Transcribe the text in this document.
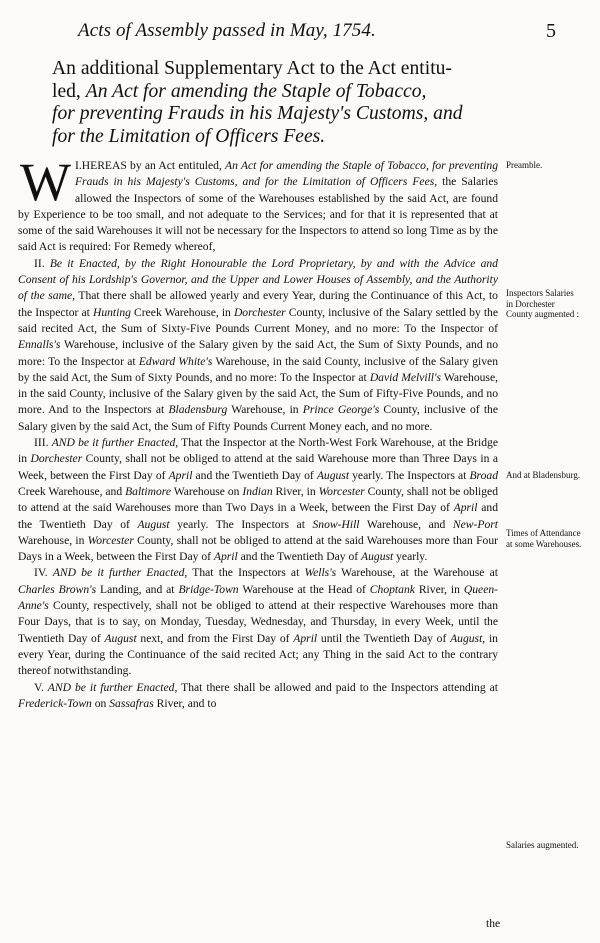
Acts of Assembly passed in May, 1754.	5
An additional Supplementary Act to the Act entitu-
led, An Act for amending the Staple of Tobacco,
for preventing Frauds in his Majesty's Customs, and
for the Limitation of Officers Fees.

I.
W HEREAS by an Act entituled, An Act for amending the Staple of Tobacco, for preventing Frauds in his Majesty's Customs, and for the Limitation of Officers Fees, the Salaries allowed the Inspectors of some of the Warehouses established by the said Act, are found by Experience to be too small, and not adequate to the Services; and for that it is represented that at some of the said Warehouses it will not be necessary for the Inspectors to attend so long Time as by the said Act is required: For Remedy whereof,

II. Be it Enacted, by the Right Honourable the Lord Proprietary, by and with the Advice and Consent of his Lordship's Governor, and the Upper and Lower Houses of Assembly, and the Authority of the same, That there shall be allowed yearly and every Year, during the Continuance of this Act, to the Inspector at Hunting Creek Warehouse, in Dorchester County, inclusive of the Salary settled by the said recited Act, the Sum of Sixty-Five Pounds Current Money, and no more: To the Inspector of Ennalls's Warehouse, inclusive of the Salary given by the said Act, the Sum of Sixty Pounds, and no more: To the Inspector at Edward White's Warehouse, in the said County, inclusive of the Salary given by the said Act, the Sum of Sixty Pounds, and no more: To the Inspector at David Melvill's Warehouse, in the said County, inclusive of the Salary given by the said Act, the Sum of Fifty-Five Pounds, and no more. And to the Inspectors at Bladensburg Warehouse, in Prince George's County, inclusive of the Salary given by the said Act, the Sum of Fifty Pounds Current Money each, and no more.

III. AND be it further Enacted, That the Inspector at the North-West Fork Warehouse, at the Bridge in Dorchester County, shall not be obliged to attend at the said Warehouse more than Three Days in a Week, between the First Day of April and the Twentieth Day of August yearly. The Inspectors at Broad Creek Warehouse, and Baltimore Warehouse on Indian River, in Worcester County, shall not be obliged to attend at the said Warehouses more than Two Days in a Week, between the First Day of April and the Twentieth Day of August yearly. The Inspectors at Snow-Hill Warehouse, and New-Port Warehouse, in Worcester County, shall not be obliged to attend at the said Warehouses more than Four Days in a Week, between the First Day of April and the Twentieth Day of August yearly.

IV. AND be it further Enacted, That the Inspectors at Wells's Warehouse, at the Warehouse at Charles Brown's Landing, and at Bridge-Town Warehouse at the Head of Choptank River, in Queen-Anne's County, respectively, shall not be obliged to attend at their respective Warehouses more than Four Days, that is to say, on Monday, Tuesday, Wednesday, and Thursday, in every Week, until the Twentieth Day of August next, and from the First Day of April until the Twentieth Day of August, in every Year, during the Continuance of the said recited Act; any Thing in the said Act to the contrary thereof notwithstanding.

V. AND be it further Enacted, That there shall be allowed and paid to the Inspectors attending at Frederick-Town on Sassafras River, and to

Preamble.
Inspectors Salaries in Dorchester County augmented :
And at Bladensburg.
Times of Attendance at some Warehouses.
Salaries augmented.
the
